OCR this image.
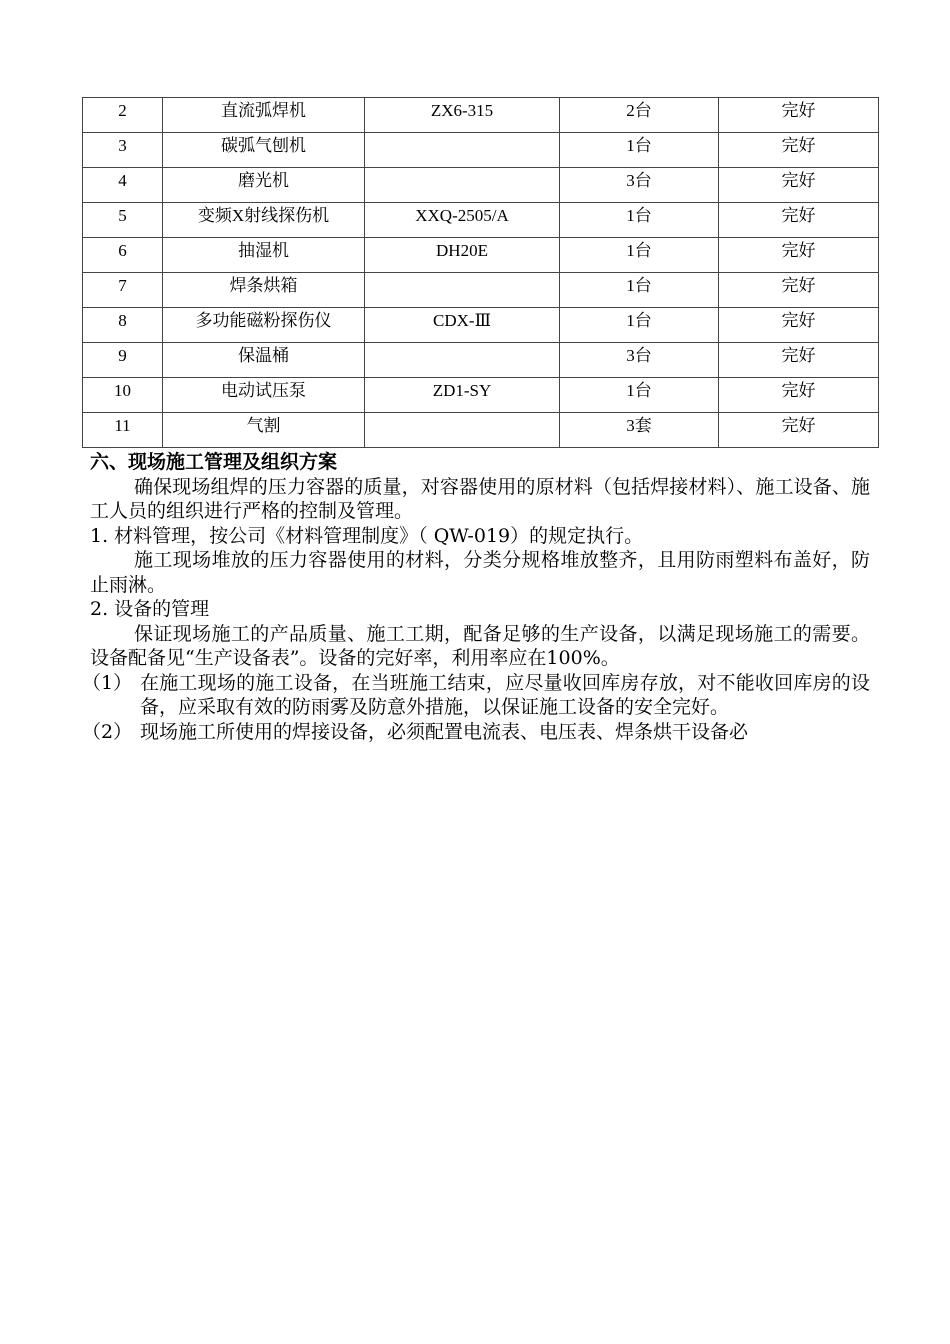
2	直流弧焊机	ZX6-315	2台	完好
3	碳弧气刨机		1台	完好
4	磨光机		3台	完好
5	变频X射线探伤机	XXQ-2505/A	1台	完好
6	抽湿机	DH20E	1台	完好
7	焊条烘箱		1台	完好
8	多功能磁粉探伤仪	CDX-Ⅲ	1台	完好
9	保温桶		3台	完好
10	电动试压泵	ZD1-SY	1台	完好
11	气割		3套	完好

六、现场施工管理及组织方案

确保现场组焊的压力容器的质量，对容器使用的原材料（包括焊接材料）、施工设备、施工人员的组织进行严格的控制及管理。

1. 材料管理，按公司《材料管理制度》（ QW-019）的规定执行。

施工现场堆放的压力容器使用的材料，分类分规格堆放整齐，且用防雨塑料布盖好，防止雨淋。

2. 设备的管理

保证现场施工的产品质量、施工工期，配备足够的生产设备，以满足现场施工的需要。设备配备见“生产设备表”。设备的完好率，利用率应在100%。

（1） 在施工现场的施工设备，在当班施工结束，应尽量收回库房存放，对不能收回库房的设备，应采取有效的防雨雾及防意外措施，以保证施工设备的安全完好。

（2） 现场施工所使用的焊接设备，必须配置电流表、电压表、焊条烘干设备必
